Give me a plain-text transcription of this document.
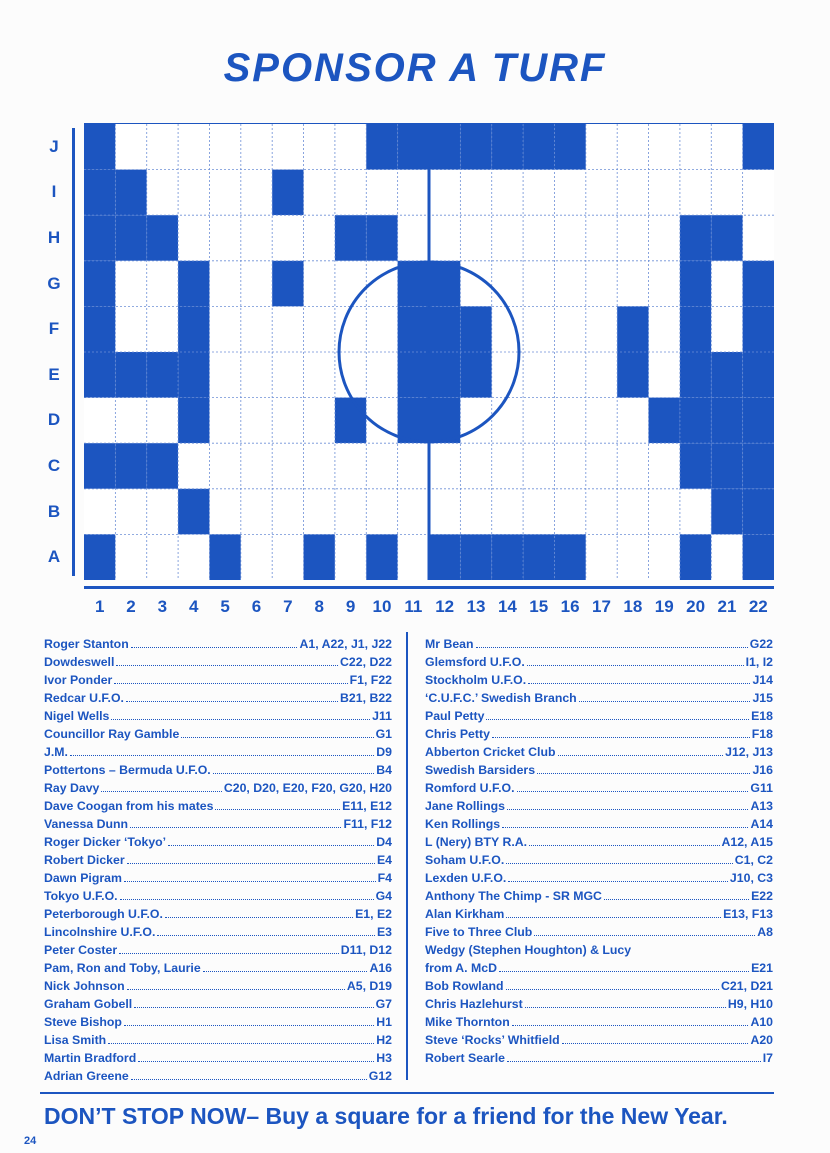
SPONSOR A TURF
J
I
H
G
F
E
D
C
B
A
1	2	3	4	5	6	7	8	9	10 11 12 13 14 15 16 17 18 19 20 21 22
Roger Stanton	A1, A22, J1, J22
Dowdeswell	C22, D22
Ivor Ponder	F1, F22
Redcar U.F.O.	B21, B22
Nigel Wells	J11
Councillor Ray Gamble	G1
J.M.	D9
Pottertons – Bermuda U.F.O.	B4
Ray Davy	C20, D20, E20, F20, G20, H20
Dave Coogan from his mates	E11, E12
Vanessa Dunn	F11, F12
Roger Dicker ‘Tokyo’	D4
Robert Dicker	E4
Dawn Pigram	F4
Tokyo U.F.O.	G4
Peterborough U.F.O.	E1, E2
Lincolnshire U.F.O.	E3
Peter Coster	D11, D12
Pam, Ron and Toby, Laurie	A16
Nick Johnson	A5, D19
Graham Gobell	G7
Steve Bishop	H1
Lisa Smith	H2
Martin Bradford	H3
Adrian Greene	G12
Mr Bean	G22
Glemsford U.F.O.	I1, I2
Stockholm U.F.O.	J14
‘C.U.F.C.’ Swedish Branch	J15
Paul Petty	E18
Chris Petty	F18
Abberton Cricket Club	J12, J13
Swedish Barsiders	J16
Romford U.F.O.	G11
Jane Rollings	A13
Ken Rollings	A14
L (Nery) BTY R.A.	A12, A15
Soham U.F.O.	C1, C2
Lexden U.F.O.	J10, C3
Anthony The Chimp - SR MGC	E22
Alan Kirkham	E13, F13
Five to Three Club	A8
Wedgy (Stephen Houghton) & Lucy
from A. McD	E21
Bob Rowland	C21, D21
Chris Hazlehurst	H9, H10
Mike Thornton	A10
Steve ‘Rocks’ Whitfield	A20
Robert Searle	I7
DON’T STOP NOW– Buy a square for a friend for the New Year.
24
